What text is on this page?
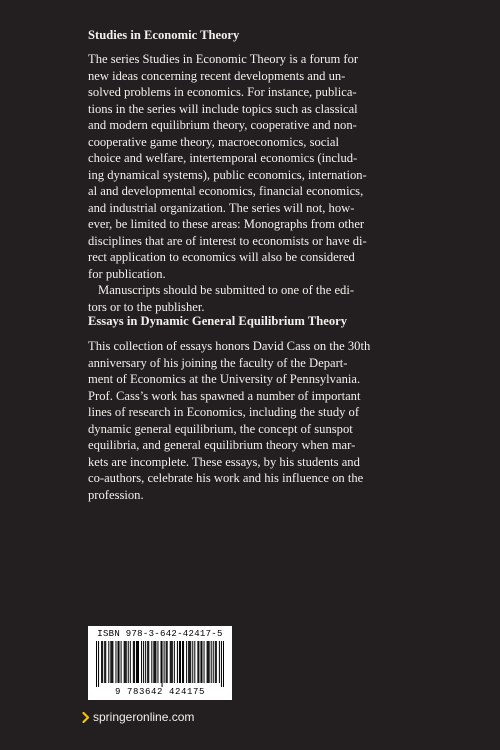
Studies in Economic Theory
The series Studies in Economic Theory is a forum for
new ideas concerning recent developments and un-
solved problems in economics. For instance, publica-
tions in the series will include topics such as classical
and modern equilibrium theory, cooperative and non-
cooperative game theory, macroeconomics, social
choice and welfare, intertemporal economics (includ-
ing dynamical systems), public economics, internation-
al and developmental economics, financial economics,
and industrial organization. The series will not, how-
ever, be limited to these areas: Monographs from other
disciplines that are of interest to economists or have di-
rect application to economics will also be considered
for publication.
Manuscripts should be submitted to one of the edi-
tors or to the publisher.
Essays in Dynamic General Equilibrium Theory
This collection of essays honors David Cass on the 30th
anniversary of his joining the faculty of the Depart-
ment of Economics at the University of Pennsylvania.
Prof. Cass’s work has spawned a number of important
lines of research in Economics, including the study of
dynamic general equilibrium, the concept of sunspot
equilibria, and general equilibrium theory when mar-
kets are incomplete. These essays, by his students and
co-authors, celebrate his work and his influence on the
profession.
ISBN 978-3-642-42417-5
9 783642 424175
springeronline.com
